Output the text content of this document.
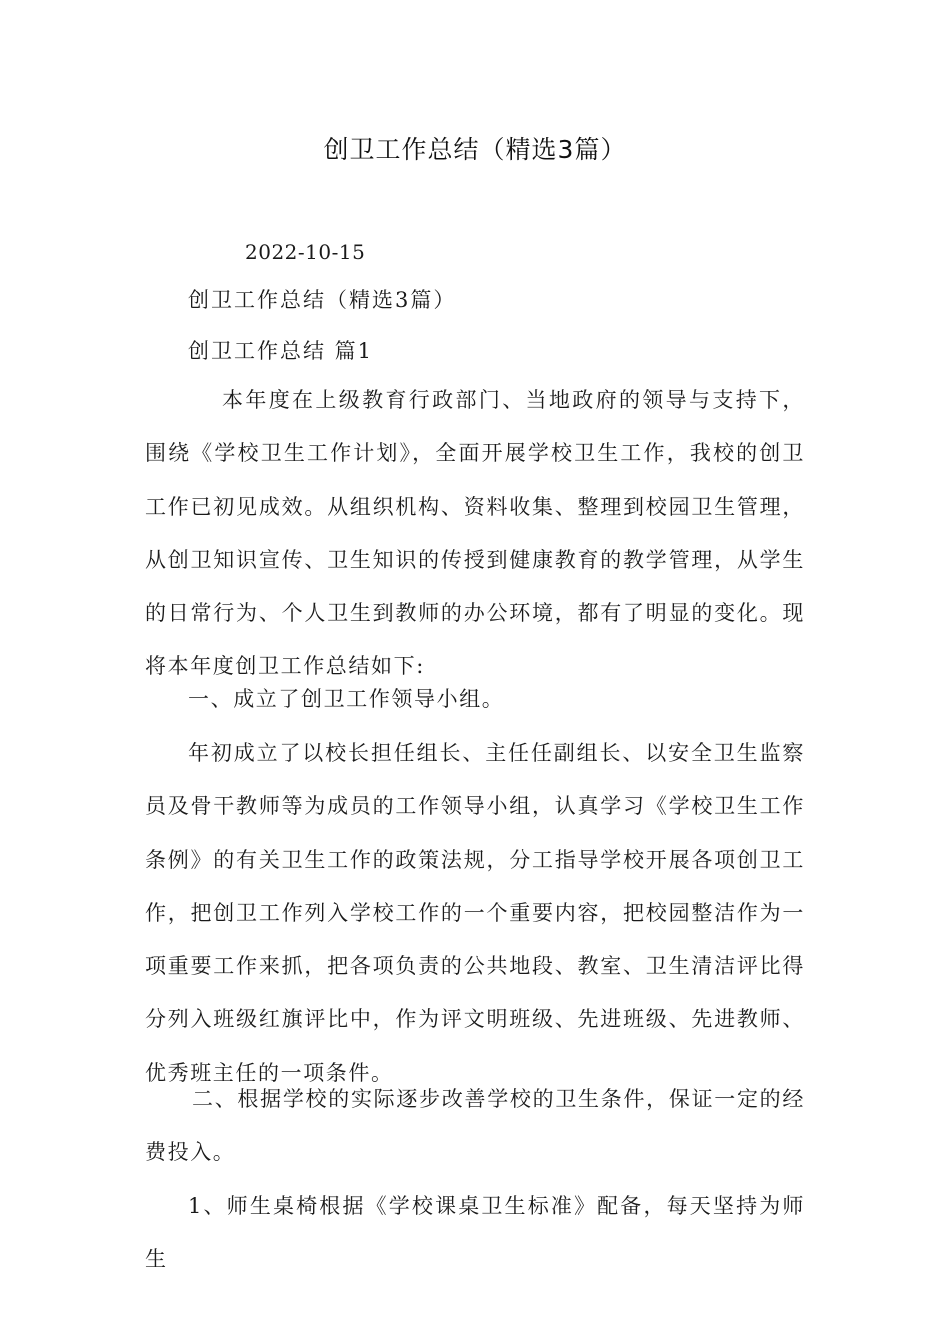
创卫工作总结（精选3篇）
2022-10-15
创卫工作总结（精选3篇）
创卫工作总结 篇1

本年度在上级教育行政部门、当地政府的领导与支持下，围绕《学校卫生工作计划》，全面开展学校卫生工作，我校的创卫工作已初见成效。从组织机构、资料收集、整理到校园卫生管理，从创卫知识宣传、卫生知识的传授到健康教育的教学管理，从学生的日常行为、个人卫生到教师的办公环境，都有了明显的变化。现将本年度创卫工作总结如下:

一、成立了创卫工作领导小组。

年初成立了以校长担任组长、主任任副组长、以安全卫生监察员及骨干教师等为成员的工作领导小组，认真学习《学校卫生工作条例》的有关卫生工作的政策法规，分工指导学校开展各项创卫工作，把创卫工作列入学校工作的一个重要内容，把校园整洁作为一项重要工作来抓，把各项负责的公共地段、教室、卫生清洁评比得分列入班级红旗评比中，作为评文明班级、先进班级、先进教师、优秀班主任的一项条件。

二、根据学校的实际逐步改善学校的卫生条件，保证一定的经费投入。

1、师生桌椅根据《学校课桌卫生标准》配备，每天坚持为师生
